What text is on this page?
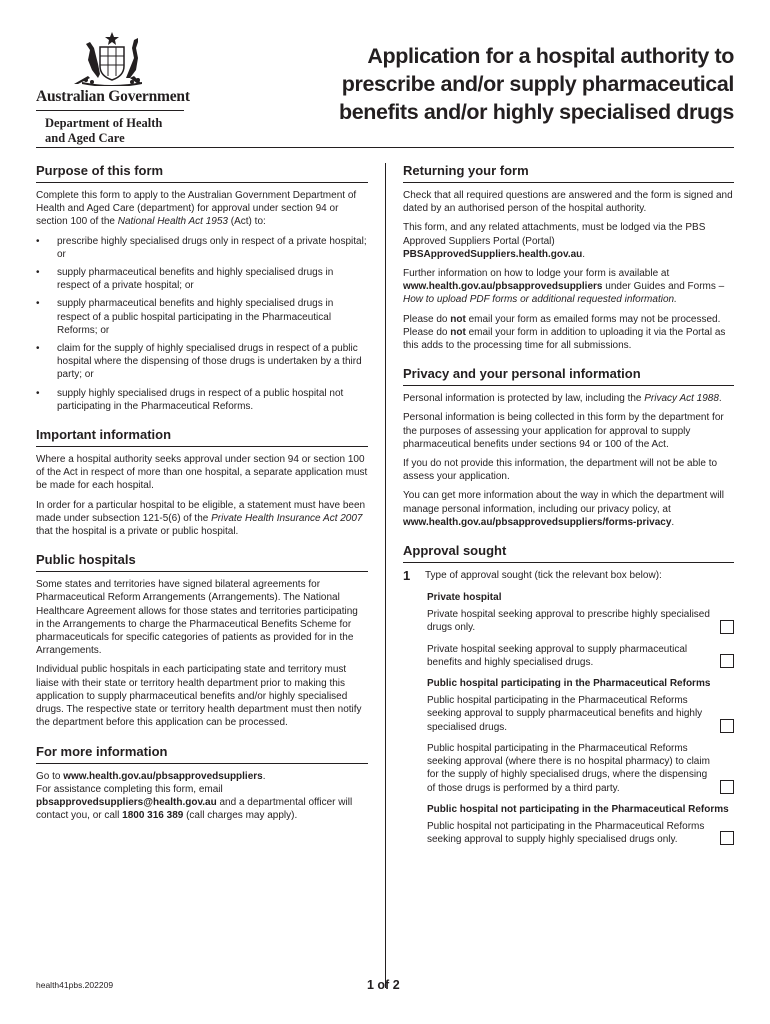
Australian Government
Department of Health
and Aged Care
Application for a hospital authority to
prescribe and/or supply pharmaceutical
benefits and/or highly specialised drugs
Purpose of this form

Complete this form to apply to the Australian Government Department of Health and Aged Care (department) for approval under section 94 or section 100 of the National Health Act 1953 (Act) to:

• prescribe highly specialised drugs only in respect of a private hospital; or
• supply pharmaceutical benefits and highly specialised drugs in respect of a private hospital; or
• supply pharmaceutical benefits and highly specialised drugs in respect of a public hospital participating in the Pharmaceutical Reforms; or
• claim for the supply of highly specialised drugs in respect of a public hospital where the dispensing of those drugs is undertaken by a third party; or
• supply highly specialised drugs in respect of a public hospital not participating in the Pharmaceutical Reforms.
Important information

Where a hospital authority seeks approval under section 94 or section 100 of the Act in respect of more than one hospital, a separate application must be made for each hospital.

In order for a particular hospital to be eligible, a statement must have been made under subsection 121-5(6) of the Private Health Insurance Act 2007 that the hospital is a private or public hospital.

Public hospitals

Some states and territories have signed bilateral agreements for Pharmaceutical Reform Arrangements (Arrangements). The National Healthcare Agreement allows for those states and territories participating in the Arrangements to charge the Pharmaceutical Benefits Scheme for pharmaceuticals for specific categories of patients as provided for in the Arrangements.

Individual public hospitals in each participating state and territory must liaise with their state or territory health department prior to making this application to supply pharmaceutical benefits and/or highly specialised drugs. The respective state or territory health department must then notify the department before this application can be processed.

For more information

Go to www.health.gov.au/pbsapprovedsuppliers.
For assistance completing this form, email
pbsapprovedsuppliers@health.gov.au and a departmental officer will contact you, or call 1800 316 389 (call charges may apply).

Returning your form

Check that all required questions are answered and the form is signed and dated by an authorised person of the hospital authority.

This form, and any related attachments, must be lodged via the PBS Approved Suppliers Portal (Portal)
PBSApprovedSuppliers.health.gov.au.

Further information on how to lodge your form is available at
www.health.gov.au/pbsapprovedsuppliers under Guides and Forms – How to upload PDF forms or additional requested information.

Please do not email your form as emailed forms may not be processed. Please do not email your form in addition to uploading it via the Portal as this adds to the processing time for all submissions.

Privacy and your personal information

Personal information is protected by law, including the Privacy Act 1988.

Personal information is being collected in this form by the department for the purposes of assessing your application for approval to supply pharmaceutical benefits under sections 94 or 100 of the Act.

If you do not provide this information, the department will not be able to assess your application.

You can get more information about the way in which the department will manage personal information, including our privacy policy, at
www.health.gov.au/pbsapprovedsuppliers/forms-privacy.

Approval sought
1	Type of approval sought (tick the relevant box below):
Private hospital
Private hospital seeking approval to prescribe highly specialised drugs only.
Private hospital seeking approval to supply pharmaceutical benefits and highly specialised drugs.
Public hospital participating in the Pharmaceutical Reforms
Public hospital participating in the Pharmaceutical Reforms seeking approval to supply pharmaceutical benefits and highly specialised drugs.
Public hospital participating in the Pharmaceutical Reforms seeking approval (where there is no hospital pharmacy) to claim for the supply of highly specialised drugs, where the dispensing of those drugs is performed by a third party.
Public hospital not participating in the Pharmaceutical Reforms
Public hospital not participating in the Pharmaceutical Reforms seeking approval to supply highly specialised drugs only.
health41pbs.202209	1 of 2
